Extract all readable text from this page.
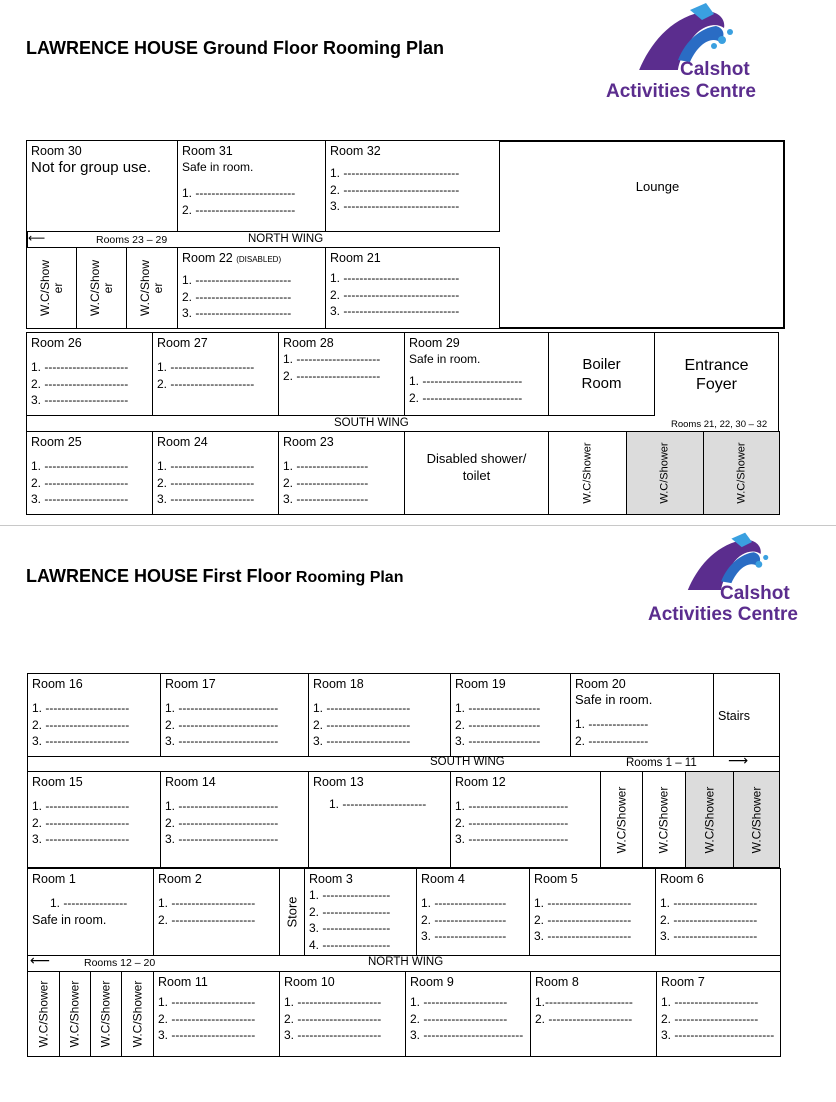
LAWRENCE HOUSE Ground Floor Rooming Plan
Calshot
Activities Centre
Room 30
Not for group use.
Room 31
Safe in room.
1. -------------------------
2. -------------------------
Room 32
1. -----------------------------
2. -----------------------------
3. -----------------------------
Lounge
⟵	Rooms 23 – 29	NORTH WING
W.C/Show er W.C/Show er W.C/Show er
Room 22 (DISABLED)
1. ------------------------
2. ------------------------
3. ------------------------
Room 21
1. -----------------------------
2. -----------------------------
3. -----------------------------
Room 26
1. ---------------------
2. ---------------------
3. ---------------------
Room 27
1. ---------------------
2. ---------------------
Room 28
1. ---------------------
2. ---------------------
Room 29
Safe in room.
1. -------------------------
2. -------------------------
Boiler Room
Entrance Foyer
SOUTH WING	Rooms 21, 22, 30 – 32
Room 25
1. ---------------------
2. ---------------------
3. ---------------------
Room 24
1. ---------------------
2. ---------------------
3. ---------------------
Room 23
1. ------------------
2. ------------------
3. ------------------
Disabled shower/ toilet	W.C/Shower	W.C/Shower	W.C/Shower
LAWRENCE HOUSE First Floor Rooming Plan
Calshot
Activities Centre
Room 16
1. ---------------------
2. ---------------------
3. ---------------------
Room 17
1. -------------------------
2. -------------------------
3. -------------------------
Room 18
1. ---------------------
2. ---------------------
3. ---------------------
Room 19
1. ------------------
2. ------------------
3. ------------------
Room 20
Safe in room.
1. ---------------
2. ---------------
Stairs
SOUTH WING	Rooms 1 – 11 ⟶
Room 15
1. ---------------------
2. ---------------------
3. ---------------------
Room 14
1. -------------------------
2. -------------------------
3. -------------------------
Room 13
1. ---------------------
Room 12
1. -------------------------
2. -------------------------
3. -------------------------	W.C/Shower W.C/Shower	W.C/Shower	W.C/Shower
Room 1
1. ----------------
Safe in room.
Room 2
1. ---------------------
2. ---------------------	Store
Room 3
1. -----------------
2. -----------------
3. -----------------
4. -----------------
Room 4
1. ------------------
2. ------------------
3. ------------------
Room 5
1. ---------------------
2. ---------------------
3. ---------------------
Room 6
1. ---------------------
2. ---------------------
3. ---------------------
⟵	Rooms 12 – 20	NORTH WING
W.C/Shower W.C/Shower W.C/Shower W.C/Shower Room 11
1. ---------------------
2. ---------------------
3. ---------------------
Room 10
1. ---------------------
2. ---------------------
3. ---------------------
Room 9
1. ---------------------
2. ---------------------
3. -------------------------
Room 8
1.----------------------
2. ---------------------
Room 7
1. ---------------------
2. ---------------------
3. -------------------------
